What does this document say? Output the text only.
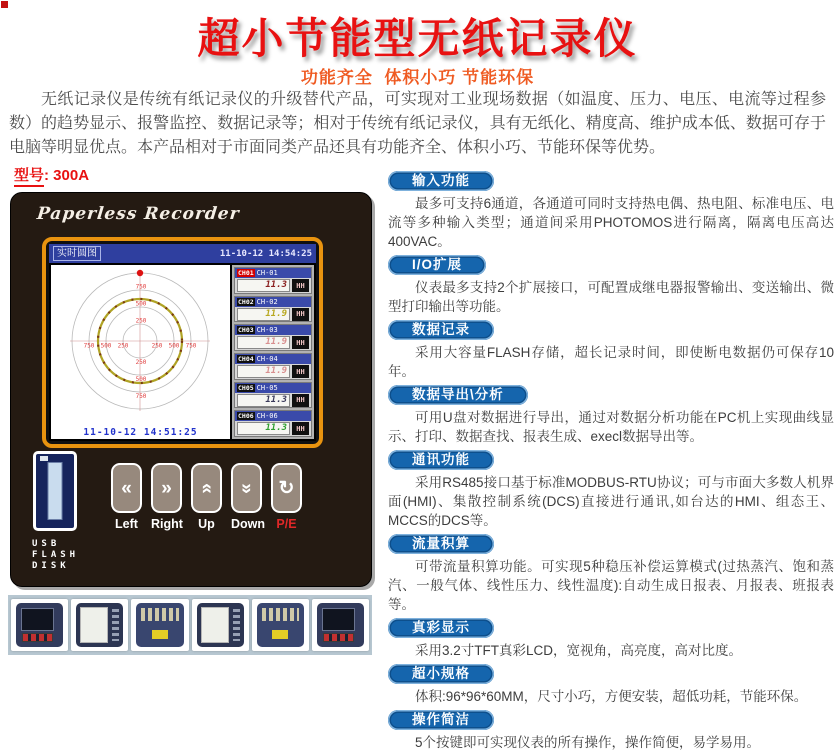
超小节能型无纸记录仪
功能齐全  体积小巧 节能环保

无纸记录仪是传统有纸记录仪的升级替代产品，可实现对工业现场数据（如温度、压力、电压、电流等过程参数）的趋势显示、报警监控、数据记录等；相对于传统有纸记录仪，具有无纸化、精度高、维护成本低、数据可存于电脑等明显优点。本产品相对于市面同类产品还具有功能齐全、体积小巧、节能环保等优势。

型号: 300A
Paperless Recorder
实时圆图	11-10-12 14:54:25
250
250
250	250
500
500
500	500
750
750
750	750
11-10-12 14:51:25
CH01 CH-01
11.3	HH
CH02 CH-02
11.9	HH
CH03 CH-03
11.9	HH
CH04 CH-04
11.9	HH
CH05 CH-05
11.3	HH
CH06 CH-06
11.3	HH
USB
FLASH
DISK
«
Left
»
Right
»
Up
»
Down
↻
P/E
输入功能

最多可支持6通道，各通道可同时支持热电偶、热电阻、标准电压、电流等多种输入类型；通道间采用PHOTOMOS进行隔离，隔离电压高达400VAC。

I/O扩展

仪表最多支持2个扩展接口，可配置成继电器报警输出、变送输出、微型打印输出等功能。

数据记录

采用大容量FLASH存储，超长记录时间，即使断电数据仍可保存10年。

数据导出\分析

可用U盘对数据进行导出，通过对数据分析功能在PC机上实现曲线显示、打印、数据查找、报表生成、execl数据导出等。

通讯功能

采用RS485接口基于标准MODBUS-RTU协议；可与市面大多数人机界面(HMI)、集散控制系统(DCS)直接进行通讯,如台达的HMI、组态王、MCCS的DCS等。

流量积算

可带流量积算功能。可实现5种稳压补偿运算模式(过热蒸汽、饱和蒸汽、一般气体、线性压力、线性温度):自动生成日报表、月报表、班报表等。

真彩显示

采用3.2寸TFT真彩LCD，宽视角，高亮度，高对比度。

超小规格

体积:96*96*60MM，尺寸小巧，方便安装，超低功耗，节能环保。

操作简洁

5个按键即可实现仪表的所有操作，操作简便，易学易用。
